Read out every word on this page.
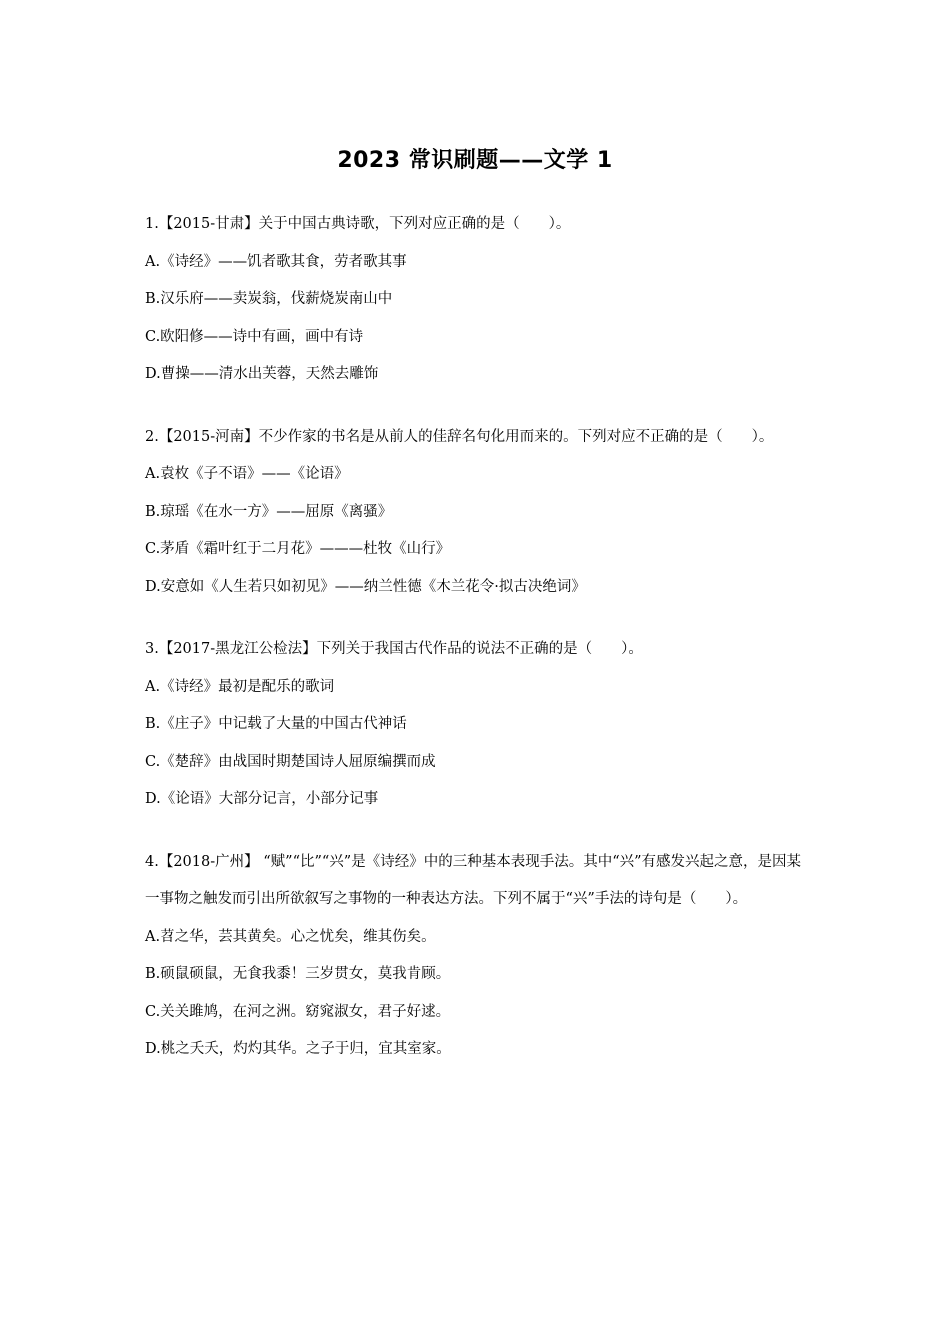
2023 常识刷题——文学 1
1.【2015-甘肃】关于中国古典诗歌，下列对应正确的是（　　）。
A.《诗经》——饥者歌其食，劳者歌其事
B.汉乐府——卖炭翁，伐薪烧炭南山中
C.欧阳修——诗中有画，画中有诗
D.曹操——清水出芙蓉，天然去雕饰
2.【2015-河南】不少作家的书名是从前人的佳辞名句化用而来的。下列对应不正确的是（　　）。
A.袁枚《子不语》——《论语》
B.琼瑶《在水一方》——屈原《离骚》
C.茅盾《霜叶红于二月花》———杜牧《山行》
D.安意如《人生若只如初见》——纳兰性德《木兰花令·拟古决绝词》
3.【2017-黑龙江公检法】下列关于我国古代作品的说法不正确的是（　　）。
A.《诗经》最初是配乐的歌词
B.《庄子》中记载了大量的中国古代神话
C.《楚辞》由战国时期楚国诗人屈原编撰而成
D.《论语》大部分记言，小部分记事
4.【2018-广州】 “赋”“比”“兴”是《诗经》中的三种基本表现手法。其中“兴”有感发兴起之意，是因某一事物之触发而引出所欲叙写之事物的一种表达方法。下列不属于“兴”手法的诗句是（　　）。
A.苕之华，芸其黄矣。心之忧矣，维其伤矣。
B.硕鼠硕鼠，无食我黍！三岁贯女，莫我肯顾。
C.关关雎鸠，在河之洲。窈窕淑女，君子好逑。
D.桃之夭夭，灼灼其华。之子于归，宜其室家。
